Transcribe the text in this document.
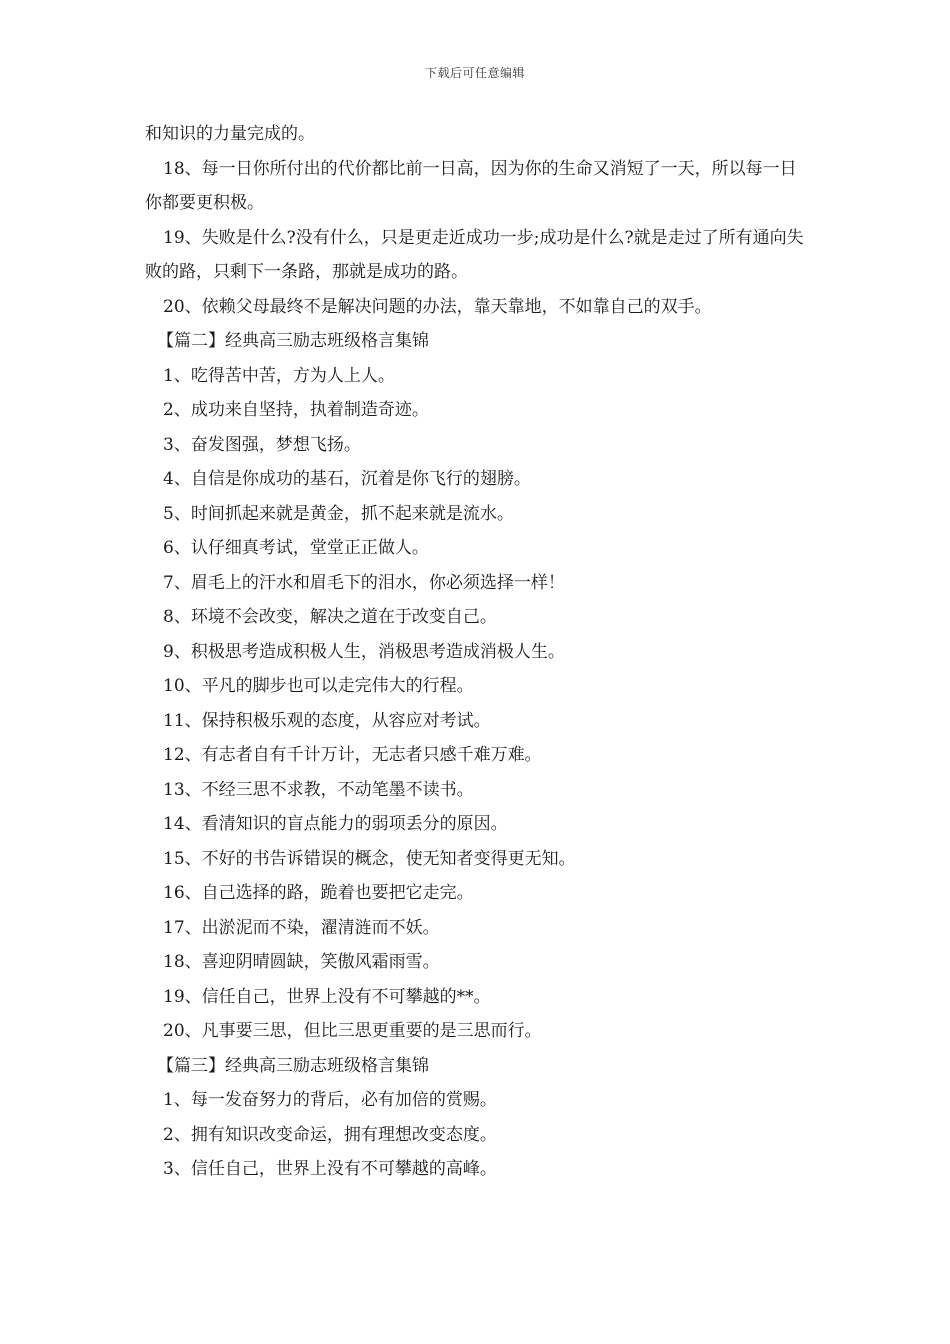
下载后可任意编辑

和知识的力量完成的。

18、每一日你所付出的代价都比前一日高，因为你的生命又消短了一天，所以每一日你都要更积极。

19、失败是什么?没有什么，只是更走近成功一步;成功是什么?就是走过了所有通向失败的路，只剩下一条路，那就是成功的路。

20、依赖父母最终不是解决问题的办法，靠天靠地，不如靠自己的双手。

【篇二】经典高三励志班级格言集锦

1、吃得苦中苦，方为人上人。

2、成功来自坚持，执着制造奇迹。

3、奋发图强，梦想飞扬。

4、自信是你成功的基石，沉着是你飞行的翅膀。

5、时间抓起来就是黄金，抓不起来就是流水。

6、认仔细真考试，堂堂正正做人。

7、眉毛上的汗水和眉毛下的泪水，你必须选择一样！

8、环境不会改变，解决之道在于改变自己。

9、积极思考造成积极人生，消极思考造成消极人生。

10、平凡的脚步也可以走完伟大的行程。

11、保持积极乐观的态度，从容应对考试。

12、有志者自有千计万计，无志者只感千难万难。

13、不经三思不求教，不动笔墨不读书。

14、看清知识的盲点能力的弱项丢分的原因。

15、不好的书告诉错误的概念，使无知者变得更无知。

16、自己选择的路，跪着也要把它走完。

17、出淤泥而不染，濯清涟而不妖。

18、喜迎阴晴圆缺，笑傲风霜雨雪。

19、信任自己，世界上没有不可攀越的**。

20、凡事要三思，但比三思更重要的是三思而行。

【篇三】经典高三励志班级格言集锦

1、每一发奋努力的背后，必有加倍的赏赐。

2、拥有知识改变命运，拥有理想改变态度。

3、信任自己，世界上没有不可攀越的高峰。
